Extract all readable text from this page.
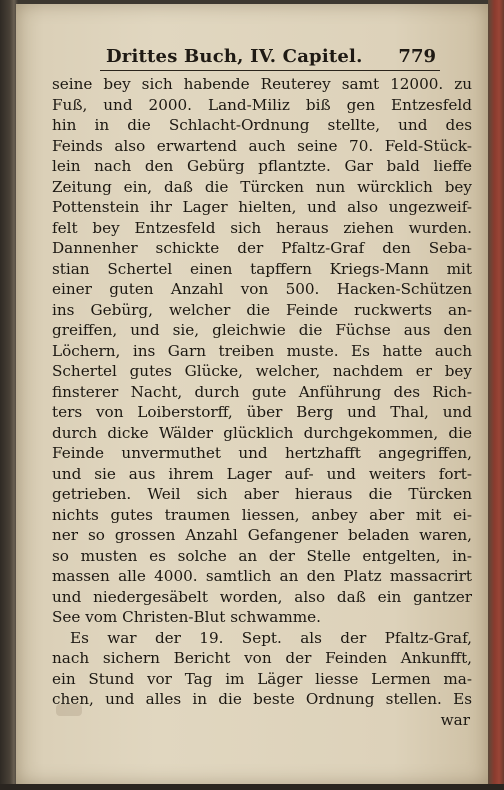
Drittes Buch, IV. Capitel. 779
seine bey sich habende Reuterey samt 12000. zu
Fuß, und 2000. Land-Miliz biß gen Entzesfeld
hin in die Schlacht-Ordnung stellte, und des
Feinds also erwartend auch seine 70. Feld-Stück-
lein nach den Gebürg pflantzte. Gar bald lieffe
Zeitung ein, daß die Türcken nun würcklich bey
Pottenstein ihr Lager hielten, und also ungezweif-
felt bey Entzesfeld sich heraus ziehen wurden.
Dannenher schickte der Pfaltz-Graf den Seba-
stian Schertel einen tapffern Kriegs-Mann mit
einer guten Anzahl von 500. Hacken-Schützen
ins Gebürg, welcher die Feinde ruckwerts an-
greiffen, und sie, gleichwie die Füchse aus den
Löchern, ins Garn treiben muste. Es hatte auch
Schertel gutes Glücke, welcher, nachdem er bey
finsterer Nacht, durch gute Anführung des Rich-
ters von Loiberstorff, über Berg und Thal, und
durch dicke Wälder glücklich durchgekommen, die
Feinde unvermuthet und hertzhafft angegriffen,
und sie aus ihrem Lager auf- und weiters fort-
getrieben. Weil sich aber hieraus die Türcken
nichts gutes traumen liessen, anbey aber mit ei-
ner so grossen Anzahl Gefangener beladen waren,
so musten es solche an der Stelle entgelten, in-
massen alle 4000. samtlich an den Platz massacrirt
und niedergesäbelt worden, also daß ein gantzer
See vom Christen-Blut schwamme.
Es war der 19. Sept. als der Pfaltz-Graf,
nach sichern Bericht von der Feinden Ankunfft,
ein Stund vor Tag im Läger liesse Lermen ma-
chen, und alles in die beste Ordnung stellen. Es
war
